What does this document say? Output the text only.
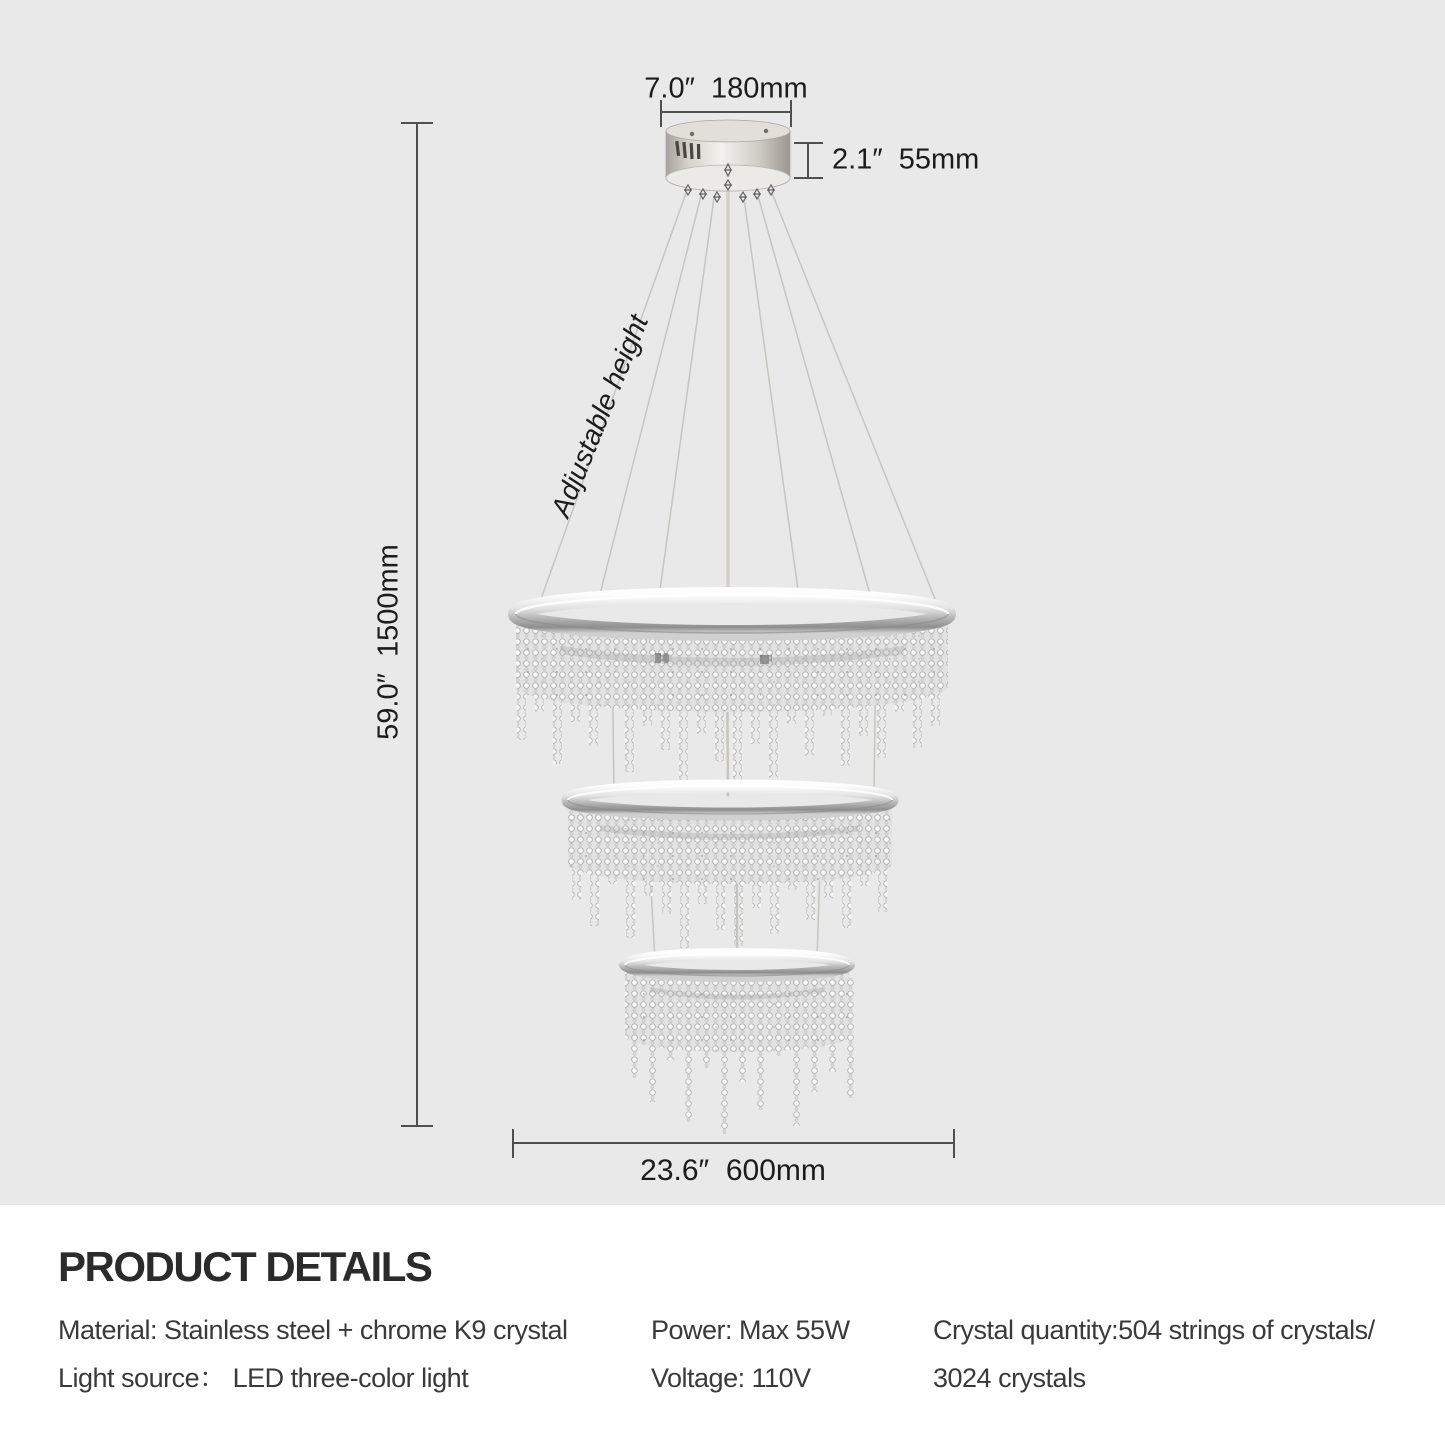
7.0″  180mm
2.1″  55mm
59.0″  1500mm
Adjustable height
23.6″  600mm
PRODUCT DETAILS
Material: Stainless steel + chrome K9 crystal
Light source： LED three-color light
Power: Max 55W
Voltage: 110V
Crystal quantity:504 strings of crystals/
3024 crystals
